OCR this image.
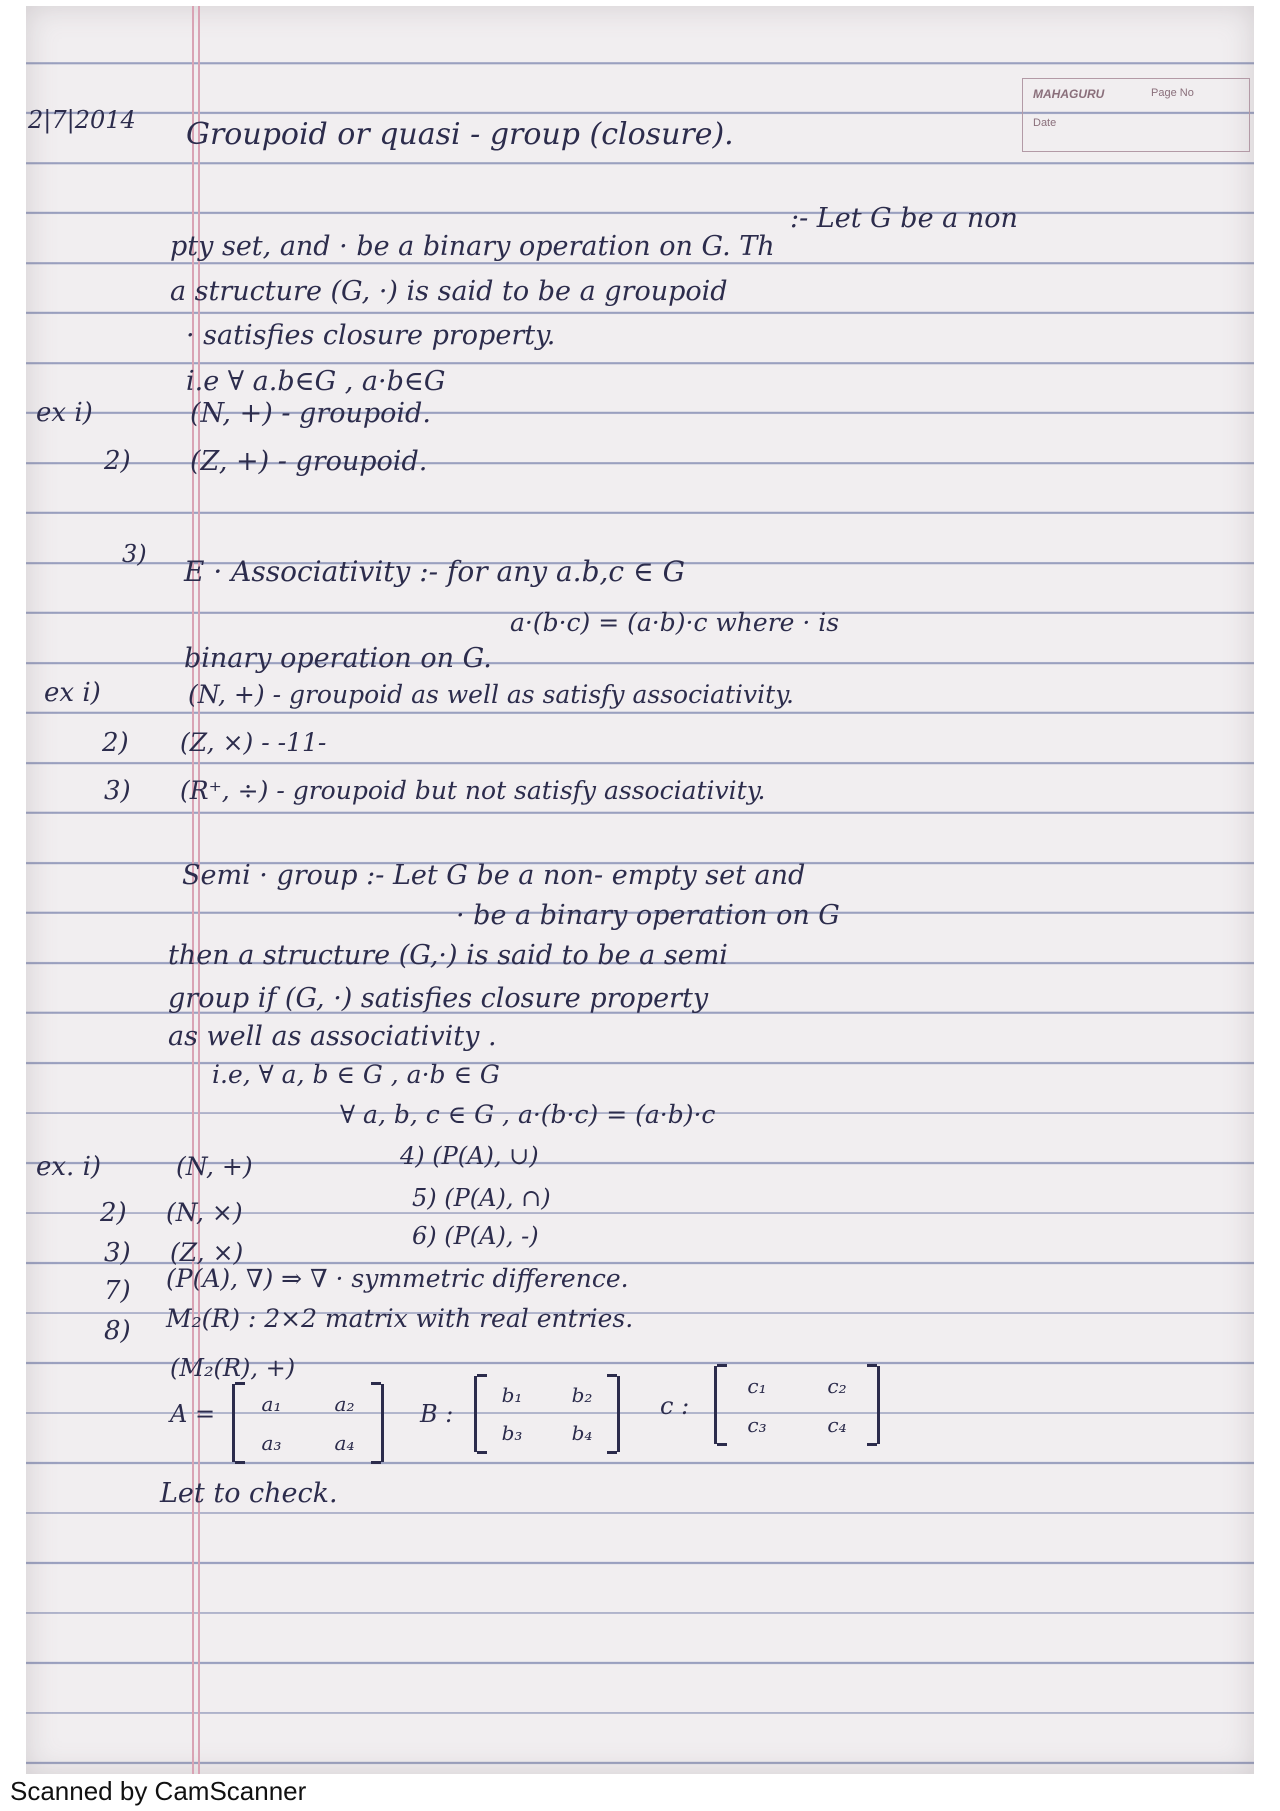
MAHAGURU	Page No
Date
2|7|2014 Groupoid or quasi - group (closure).
:- Let G be a non
pty set, and · be a binary operation on G. Th
a structure (G, ·) is said to be a groupoid
· satisfies closure property.
i.e ∀ a.b∈G , a·b∈G
ex i)	(N, +) - groupoid.
2) (Z, +) - groupoid.
3)
E · Associativity :- for any a.b,c ∈ G
a·(b·c) = (a·b)·c where · is
binary operation on G.
ex i)	(N, +) - groupoid as well as satisfy associativity.
2) (Z, ×) - -11-
3) (R⁺, ÷) - groupoid but not satisfy associativity.
Semi · group :- Let G be a non- empty set and
· be a binary operation on G
then a structure (G,·) is said to be a semi
group if (G, ·) satisfies closure property
as well as associativity .
i.e, ∀ a, b ∈ G , a·b ∈ G
∀ a, b, c ∈ G , a·(b·c) = (a·b)·c
ex. i)	(N, +)	4) (P(A), ∪)
2) (N, ×)	5) (P(A), ∩)
3) (Z, ×)
6) (P(A), -)
7) (P(A), ∇) ⇒ ∇ · symmetric difference.
8) M₂(R) : 2×2 matrix with real entries.
(M₂(R), +)
A = a₁	a₂
a₃	a₄
B :
b₁ b₂
b₃ b₄
c :
c₁	c₂
c₃	c₄
Let to check.
Scanned by CamScanner
